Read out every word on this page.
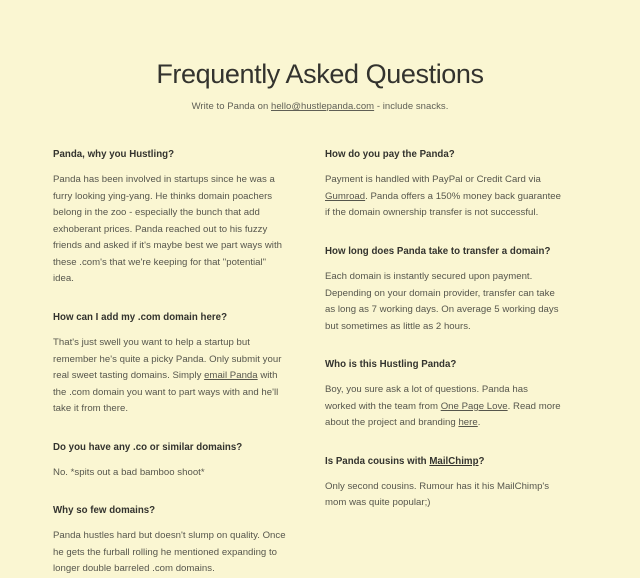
Frequently Asked Questions

Write to Panda on hello@hustlepanda.com - include snacks.

Panda, why you Hustling?

Panda has been involved in startups since he was a furry looking ying-yang. He thinks domain poachers belong in the zoo - especially the bunch that add exhoberant prices. Panda reached out to his fuzzy friends and asked if it's maybe best we part ways with these .com's that we're keeping for that "potential" idea.

How can I add my .com domain here?

That's just swell you want to help a startup but remember he's quite a picky Panda. Only submit your real sweet tasting domains. Simply email Panda with the .com domain you want to part ways with and he'll take it from there.

Do you have any .co or similar domains?

No. *spits out a bad bamboo shoot*

Why so few domains?

Panda hustles hard but doesn't slump on quality. Once he gets the furball rolling he mentioned expanding to longer double barreled .com domains.

How do you pay the Panda?

Payment is handled with PayPal or Credit Card via Gumroad. Panda offers a 150% money back guarantee if the domain ownership transfer is not successful.

How long does Panda take to transfer a domain?

Each domain is instantly secured upon payment. Depending on your domain provider, transfer can take as long as 7 working days. On average 5 working days but sometimes as little as 2 hours.

Who is this Hustling Panda?

Boy, you sure ask a lot of questions. Panda has worked with the team from One Page Love. Read more about the project and branding here.

Is Panda cousins with MailChimp?

Only second cousins. Rumour has it his MailChimp's mom was quite popular;)
